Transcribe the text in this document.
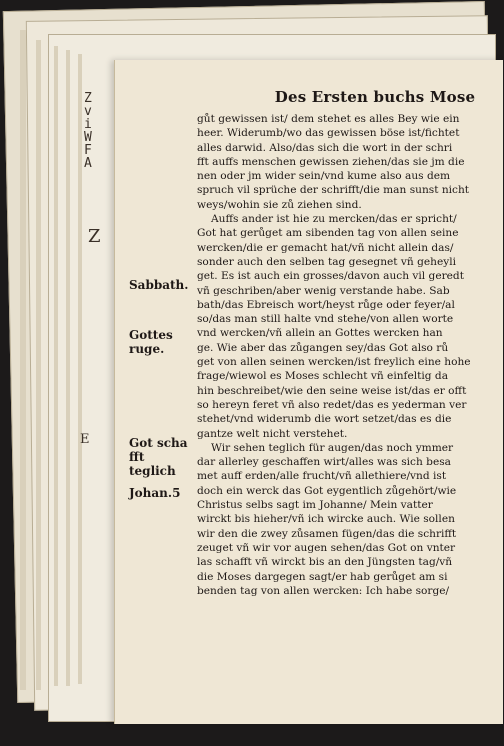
Z
v
i
W
F
A
Z
E
Des Ersten buchs Mose
Sabbath.
Gottes
ruge.
Got scha
fft teglich
Johan.5
gůt gewissen ist/ dem stehet es alles Bey wie ein
heer. Widerumb/wo das gewissen böse ist/fichtet
alles darwid. Also/das sich die wort in der schri
fft auffs menschen gewissen ziehen/das sie jm die
nen oder jm wider sein/vnd kume also aus dem
spruch vil sprüche der schrifft/die man sunst nicht
weys/wohin sie zů ziehen sind.
Auffs ander ist hie zu mercken/das er spricht/
Got hat gerůget am sibenden tag von allen seine
wercken/die er gemacht hat/vñ nicht allein das/
sonder auch den selben tag gesegnet vñ geheyli
get. Es ist auch ein grosses/davon auch vil geredt
vñ geschriben/aber wenig verstande habe. Sab
bath/das Ebreisch wort/heyst růge oder feyer/al
so/das man still halte vnd stehe/von allen worte
vnd wercken/vñ allein an Gottes wercken han
ge. Wie aber das zůgangen sey/das Got also rů
get von allen seinen wercken/ist freylich eine hohe
frage/wiewol es Moses schlecht vñ einfeltig da
hin beschreibet/wie den seine weise ist/das er offt
so hereyn feret vñ also redet/das es yederman ver
stehet/vnd widerumb die wort setzet/das es die
gantze welt nicht verstehet.
Wir sehen teglich für augen/das noch ymmer
dar allerley geschaffen wirt/alles was sich besa
met auff erden/alle frucht/vñ allethiere/vnd ist
doch ein werck das Got eygentlich zůgehört/wie
Christus selbs sagt im Johanne/ Mein vatter
wirckt bis hieher/vñ ich wircke auch. Wie sollen
wir den die zwey zůsamen fügen/das die schrifft
zeuget vñ wir vor augen sehen/das Got on vnter
las schafft vñ wirckt bis an den Jüngsten tag/vñ
die Moses dargegen sagt/er hab gerůget am si
benden tag von allen wercken: Ich habe sorge/
